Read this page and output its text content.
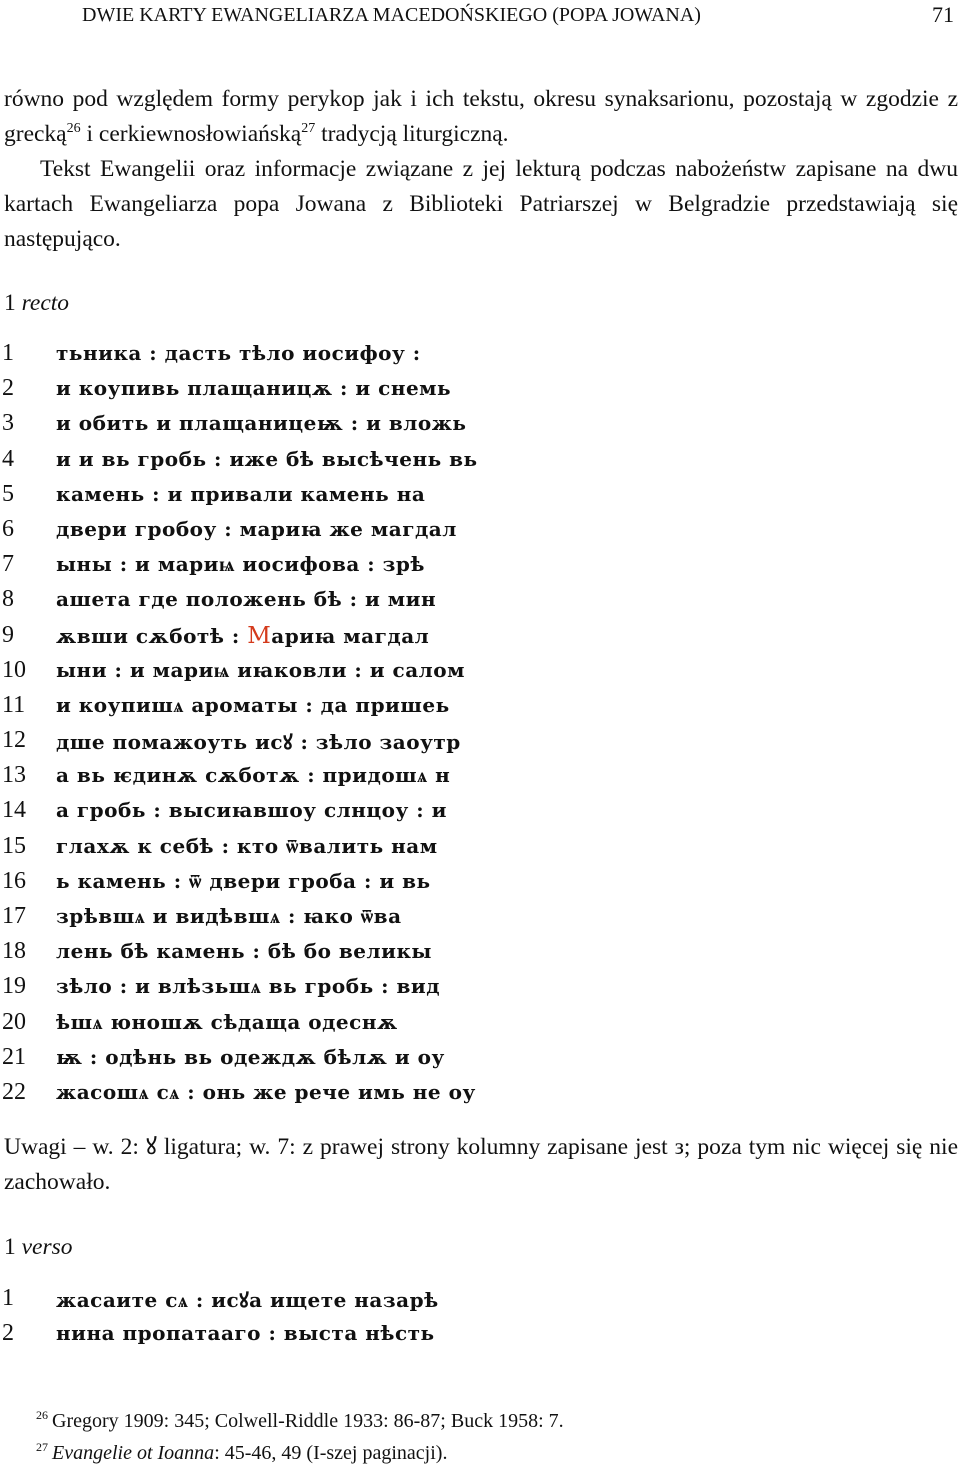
DWIE KARTY EWANGELIARZA MACEDOŃSKIEGO (POPA JOWANA)	71
równo pod względem formy perykop jak i ich tekstu, okresu synaksarionu, pozostają w zgodzie z grecką$^{26}$ i cerkiewnosłowiańską$^{27}$ tradycją liturgiczną.
Tekst Ewangelii oraz informacje związane z jej lekturą podczas nabożeństw zapisane na dwu kartach Ewangeliarza popa Jowana z Biblioteki Patriarszej w Belgradzie przedstawiają się następująco.
1 recto
1	тьника : дасть тѣло иосифоу :
2	и коупивь плащаницѫ : и снемь
3	и обить и плащаницеѭ : и вложь
4	и и вь гробь : иже бѣ высѣчень вь
5	камень : и привали камень на
6	двери гробоу : мариꙗ же магдал
7	ыны : и мариѩ иосифова : зрѣ
8	ашета где положень бѣ : и мин
9	ѫвши сѫботѣ : Мариꙗ магдал
10	ыни : и мариѩ иꙗковли : и салом
11	и коупишѧ ароматы : да пришеь
12	дше помажоуть исꙋ : зѣло заоутр
13	а вь ѥдинѫ сѫботѫ : придошѧ н
14	а гробь : высиꙗвшоу слнцоу : и
15	глахѫ к себѣ : кто ѿвалить нам
16	ь камень : ѿ двери гроба : и вь
17	зрѣвшѧ и видѣвшѧ : ꙗко ѿва
18	лень бѣ камень : бѣ бо великы
19	зѣло : и влѣзьшѧ вь гробь : вид
20	ѣшѧ юношѫ сѣдаща одеснѫ
21	ѭ : одѣнь вь одеждѫ бѣлѫ и оу
22	жасошѧ сѧ : онь же рече имь не оу
Uwagi – w. 2: ꙋ ligatura; w. 7: z prawej strony kolumny zapisane jest з; poza tym nic więcej się nie zachowało.
1 verso
1	жасаите сѧ : исꙋа ищете назарѣ
2	нина пропатааго : выста нѣсть
$^{26}$ Gregory 1909: 345; Colwell-Riddle 1933: 86-87; Buck 1958: 7.
$^{27}$ Evangelie ot Ioanna: 45-46, 49 (I-szej paginacji).
